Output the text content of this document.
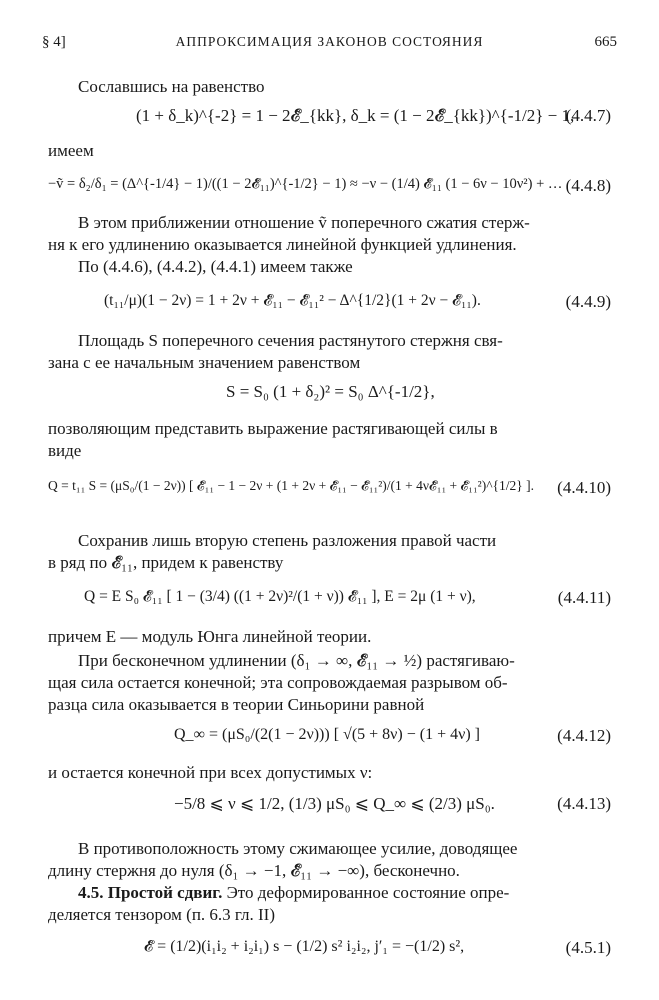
§ 4]	АППРОКСИМАЦИЯ ЗАКОНОВ СОСТОЯНИЯ	665
Сославшись на равенство
(1 + δ_k)^{-2} = 1 − 2𝓔̃_{kk}, δ_k = (1 − 2𝓔̃_{kk})^{-1/2} − 1,
(4.4.7)
имеем
−ṽ = δ₂/δ₁ = (Δ^{-1/4} − 1)/((1 − 2𝓔̃₁₁)^{-1/2} − 1) ≈ −ν − (1/4) 𝓔̃₁₁ (1 − 6ν − 10ν²) + … (4.4.8)
В этом приближении отношение ṽ поперечного сжатия стерж-
ня к его удлинению оказывается линейной функцией удлинения.
По (4.4.6), (4.4.2), (4.4.1) имеем также
(t₁₁/μ)(1 − 2ν) = 1 + 2ν + 𝓔̃₁₁ − 𝓔̃₁₁² − Δ^{1/2}(1 + 2ν − 𝓔̃₁₁).	(4.4.9)
Площадь S поперечного сечения растянутого стержня свя-
зана с ее начальным значением равенством
S = S₀ (1 + δ₂)² = S₀ Δ^{-1/2},
позволяющим представить выражение растягивающей силы в
виде
Q = t₁₁ S = (μS₀/(1 − 2ν)) [ 𝓔̃₁₁ − 1 − 2ν + (1 + 2ν + 𝓔̃₁₁ − 𝓔̃₁₁²)/(1 + 4ν𝓔̃₁₁ + 𝓔̃₁₁²)^{1/2} ]. (4.4.10)
Сохранив лишь вторую степень разложения правой части
в ряд по 𝓔̃₁₁, придем к равенству
Q = E S₀ 𝓔̃₁₁ [ 1 − (3/4) ((1 + 2ν)²/(1 + ν)) 𝓔̃₁₁ ], E = 2μ (1 + ν),	(4.4.11)
причем E — модуль Юнга линейной теории.
При бесконечном удлинении (δ₁ → ∞, 𝓔̃₁₁ → ½) растягиваю-
щая сила остается конечной; эта сопровождаемая разрывом об-
разца сила оказывается в теории Синьорини равной
Q_∞ = (μS₀/(2(1 − 2ν))) [ √(5 + 8ν) − (1 + 4ν) ]	(4.4.12)
и остается конечной при всех допустимых ν:
−5/8 ⩽ ν ⩽ 1/2, (1/3) μS₀ ⩽ Q_∞ ⩽ (2/3) μS₀.	(4.4.13)
В противоположность этому сжимающее усилие, доводящее
длину стержня до нуля (δ₁ → −1, 𝓔̃₁₁ → −∞), бесконечно.
4.5. Простой сдвиг. Это деформированное состояние опре-
деляется тензором (п. 6.3 гл. II)
𝓔̃ = (1/2)(i₁i₂ + i₂i₁) s − (1/2) s² i₂i₂, j′₁ = −(1/2) s²,	(4.5.1)
